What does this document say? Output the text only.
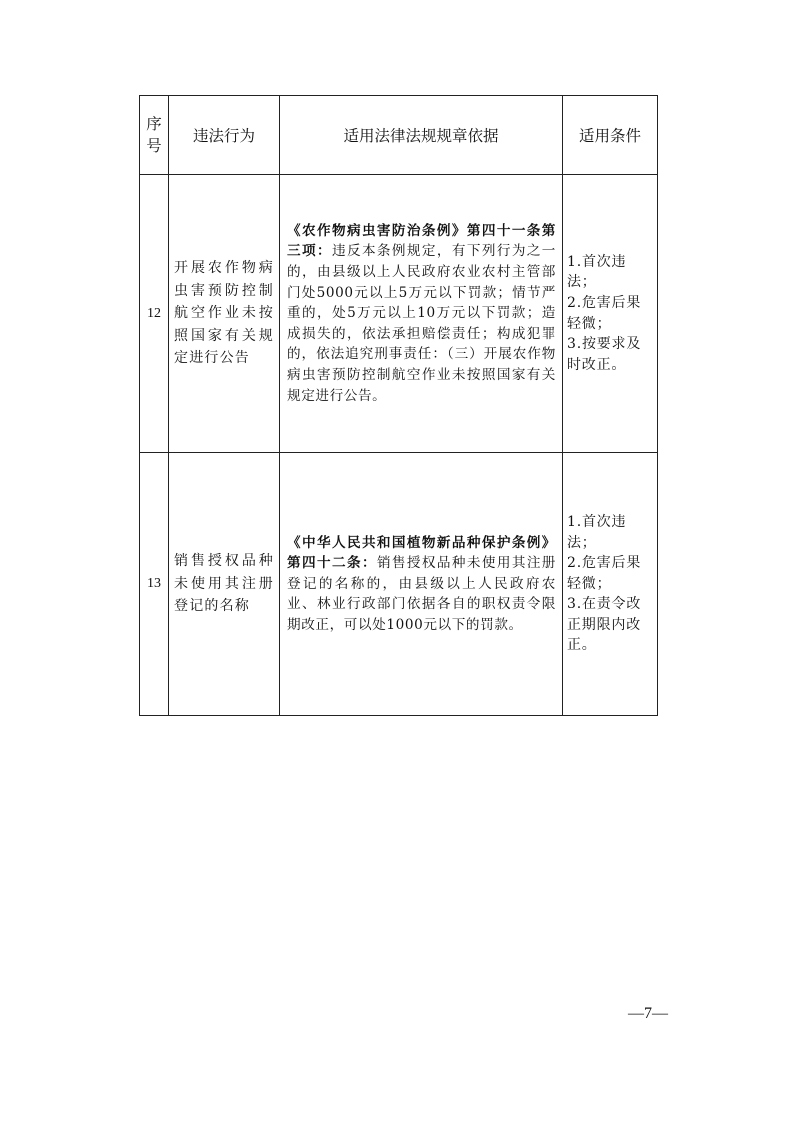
序号	违法行为	适用法律法规规章依据	适用条件
12	开展农作物病虫害预防控制航空作业未按照国家有关规定进行公告	《农作物病虫害防治条例》第四十一条第三项：违反本条例规定，有下列行为之一的，由县级以上人民政府农业农村主管部门处5000元以上5万元以下罚款；情节严重的，处5万元以上10万元以下罚款；造成损失的，依法承担赔偿责任；构成犯罪的，依法追究刑事责任：（三）开展农作物病虫害预防控制航空作业未按照国家有关规定进行公告。	1.首次违法；
2.危害后果轻微；
3.按要求及时改正。

13	销售授权品种未使用其注册登记的名称	《中华人民共和国植物新品种保护条例》第四十二条：销售授权品种未使用其注册登记的名称的，由县级以上人民政府农业、林业行政部门依据各自的职权责令限期改正，可以处1000元以下的罚款。	1.首次违法；
2.危害后果轻微；
3.在责令改正期限内改正。
—7—
